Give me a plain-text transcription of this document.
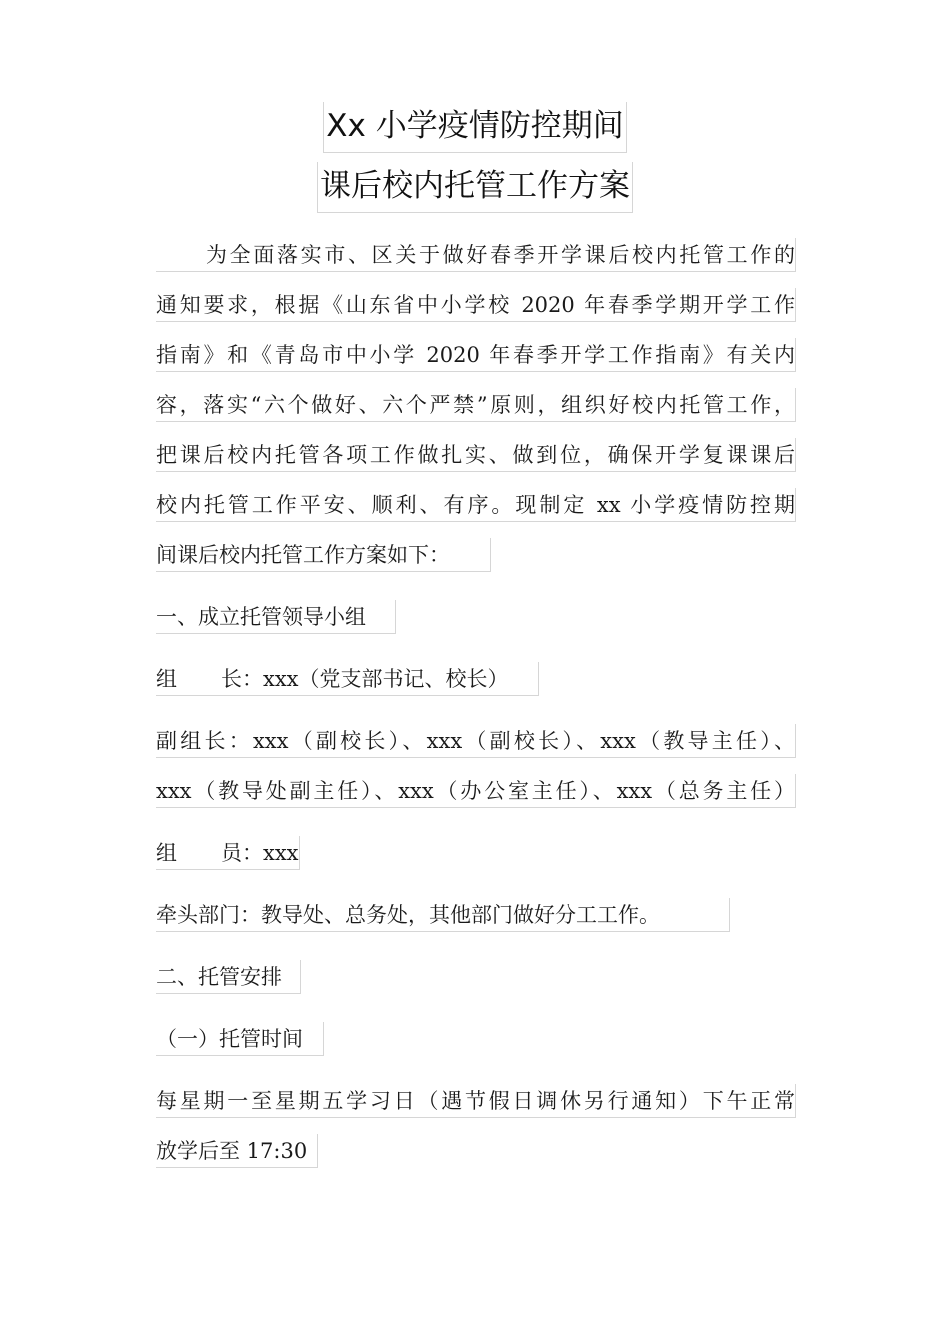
Xx 小学疫情防控期间
课后校内托管工作方案
为全面落实市、区关于做好春季开学课后校内托管工作的
通知要求，根据《山东省中小学校 2020 年春季学期开学工作
指南》和《青岛市中小学 2020 年春季开学工作指南》有关内
容，落实“六个做好、六个严禁”原则，组织好校内托管工作，
把课后校内托管各项工作做扎实、做到位，确保开学复课课后
校内托管工作平安、顺利、有序。现制定 xx 小学疫情防控期
间课后校内托管工作方案如下：
一、成立托管领导小组
组 长：xxx（党支部书记、校长）
副组长：xxx（副校长）、xxx（副校长）、xxx（教导主任）、
xxx（教导处副主任）、xxx（办公室主任）、xxx（总务主任）
组 员：xxx
牵头部门：教导处、总务处，其他部门做好分工工作。
二、托管安排
（一）托管时间
每星期一至星期五学习日（遇节假日调休另行通知）下午正常
放学后至 17:30
